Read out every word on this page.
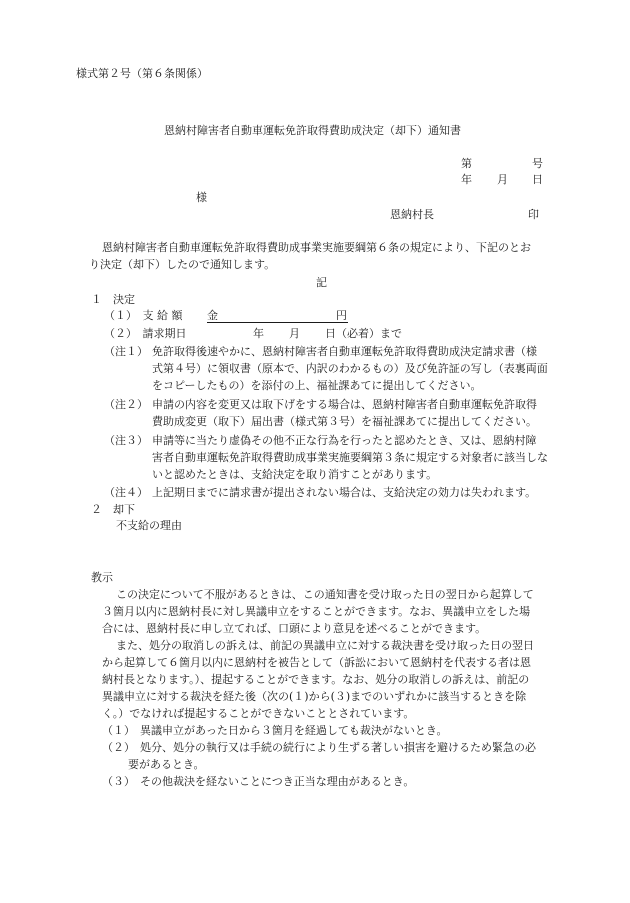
様式第２号（第６条関係）
恩納村障害者自動車運転免許取得費助成決定（却下）通知書
第	号
年 月 日
様
恩納村長	印
恩納村障害者自動車運転免許取得費助成事業実施要綱第６条の規定により、下記のとお
り決定（却下）したので通知します。
記
１　決定
（１）　支 給 額 金	円
（２）　請求期日	年 月 日（必着）まで
（注１） 免許取得後速やかに、恩納村障害者自動車運転免許取得費助成決定請求書（様
式第４号）に領収書（原本で、内訳のわかるもの）及び免許証の写し（表裏両面
をコピーしたもの）を添付の上、福祉課あてに提出してください。
（注２） 申請の内容を変更又は取下げをする場合は、恩納村障害者自動車運転免許取得
費助成変更（取下）届出書（様式第３号）を福祉課あてに提出してください。
（注３） 申請等に当たり虚偽その他不正な行為を行ったと認めたとき、又は、恩納村障
害者自動車運転免許取得費助成事業実施要綱第３条に規定する対象者に該当しな
いと認めたときは、支給決定を取り消すことがあります。
（注４） 上記期日までに請求書が提出されない場合は、支給決定の効力は失われます。
２　却下
不支給の理由
教示
この決定について不服があるときは、この通知書を受け取った日の翌日から起算して
３箇月以内に恩納村長に対し異議申立をすることができます。なお、異議申立をした場
合には、恩納村長に申し立てれば、口頭により意見を述べることができます。
また、処分の取消しの訴えは、前記の異議申立に対する裁決書を受け取った日の翌日
から起算して６箇月以内に恩納村を被告として（訴訟において恩納村を代表する者は恩
納村長となります。）、提起することができます。なお、処分の取消しの訴えは、前記の
異議申立に対する裁決を経た後（次の(１)から(３)までのいずれかに該当するときを除
く。）でなければ提起することができないこととされています。
（１） 異議申立があった日から３箇月を経過しても裁決がないとき。
（２） 処分、処分の執行又は手続の続行により生ずる著しい損害を避けるため緊急の必
要があるとき。
（３） その他裁決を経ないことにつき正当な理由があるとき。
